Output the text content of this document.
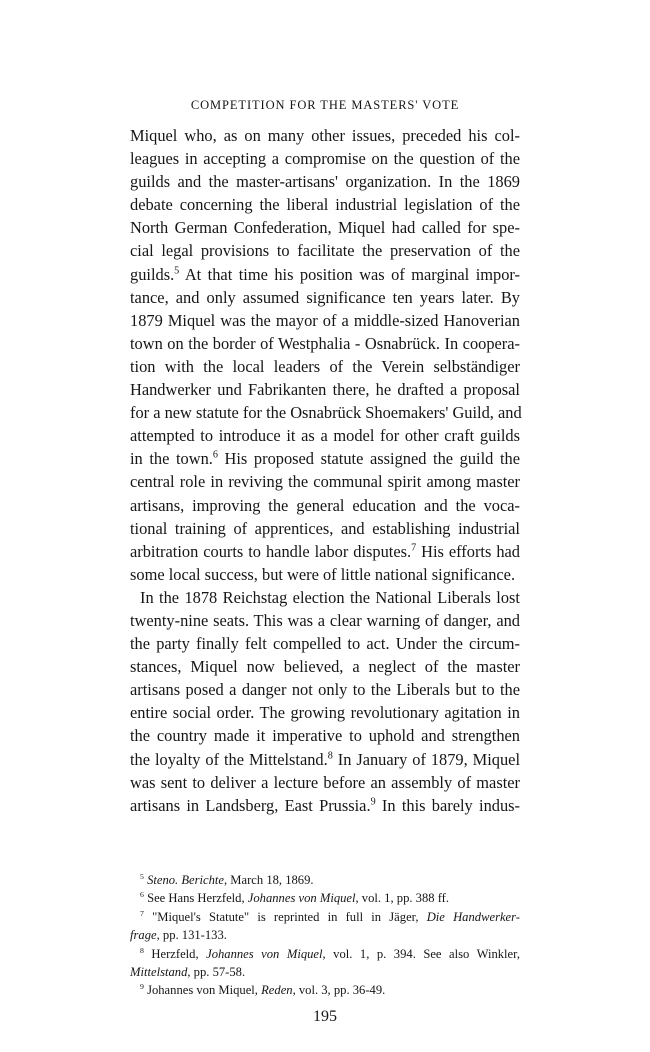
COMPETITION FOR THE MASTERS' VOTE
Miquel who, as on many other issues, preceded his col-
leagues in accepting a compromise on the question of the
guilds and the master-artisans' organization. In the 1869
debate concerning the liberal industrial legislation of the
North German Confederation, Miquel had called for spe-
cial legal provisions to facilitate the preservation of the
guilds.$^5$ At that time his position was of marginal impor-
tance, and only assumed significance ten years later. By
1879 Miquel was the mayor of a middle-sized Hanoverian
town on the border of Westphalia - Osnabrück. In coopera-
tion with the local leaders of the Verein selbständiger
Handwerker und Fabrikanten there, he drafted a proposal
for a new statute for the Osnabrück Shoemakers' Guild, and
attempted to introduce it as a model for other craft guilds
in the town.$^6$ His proposed statute assigned the guild the
central role in reviving the communal spirit among master
artisans, improving the general education and the voca-
tional training of apprentices, and establishing industrial
arbitration courts to handle labor disputes.$^7$ His efforts had
some local success, but were of little national significance.
In the 1878 Reichstag election the National Liberals lost
twenty-nine seats. This was a clear warning of danger, and
the party finally felt compelled to act. Under the circum-
stances, Miquel now believed, a neglect of the master
artisans posed a danger not only to the Liberals but to the
entire social order. The growing revolutionary agitation in
the country made it imperative to uphold and strengthen
the loyalty of the Mittelstand.$^8$ In January of 1879, Miquel
was sent to deliver a lecture before an assembly of master
artisans in Landsberg, East Prussia.$^9$ In this barely indus-
$^5$ Steno. Berichte, March 18, 1869.
$^6$ See Hans Herzfeld, Johannes von Miquel, vol. 1, pp. 388 ff.
$^7$ "Miquel's Statute" is reprinted in full in Jäger, Die Handwerker-
frage, pp. 131-133.
$^8$ Herzfeld, Johannes von Miquel, vol. 1, p. 394. See also Winkler,
Mittelstand, pp. 57-58.
$^9$ Johannes von Miquel, Reden, vol. 3, pp. 36-49.
195
